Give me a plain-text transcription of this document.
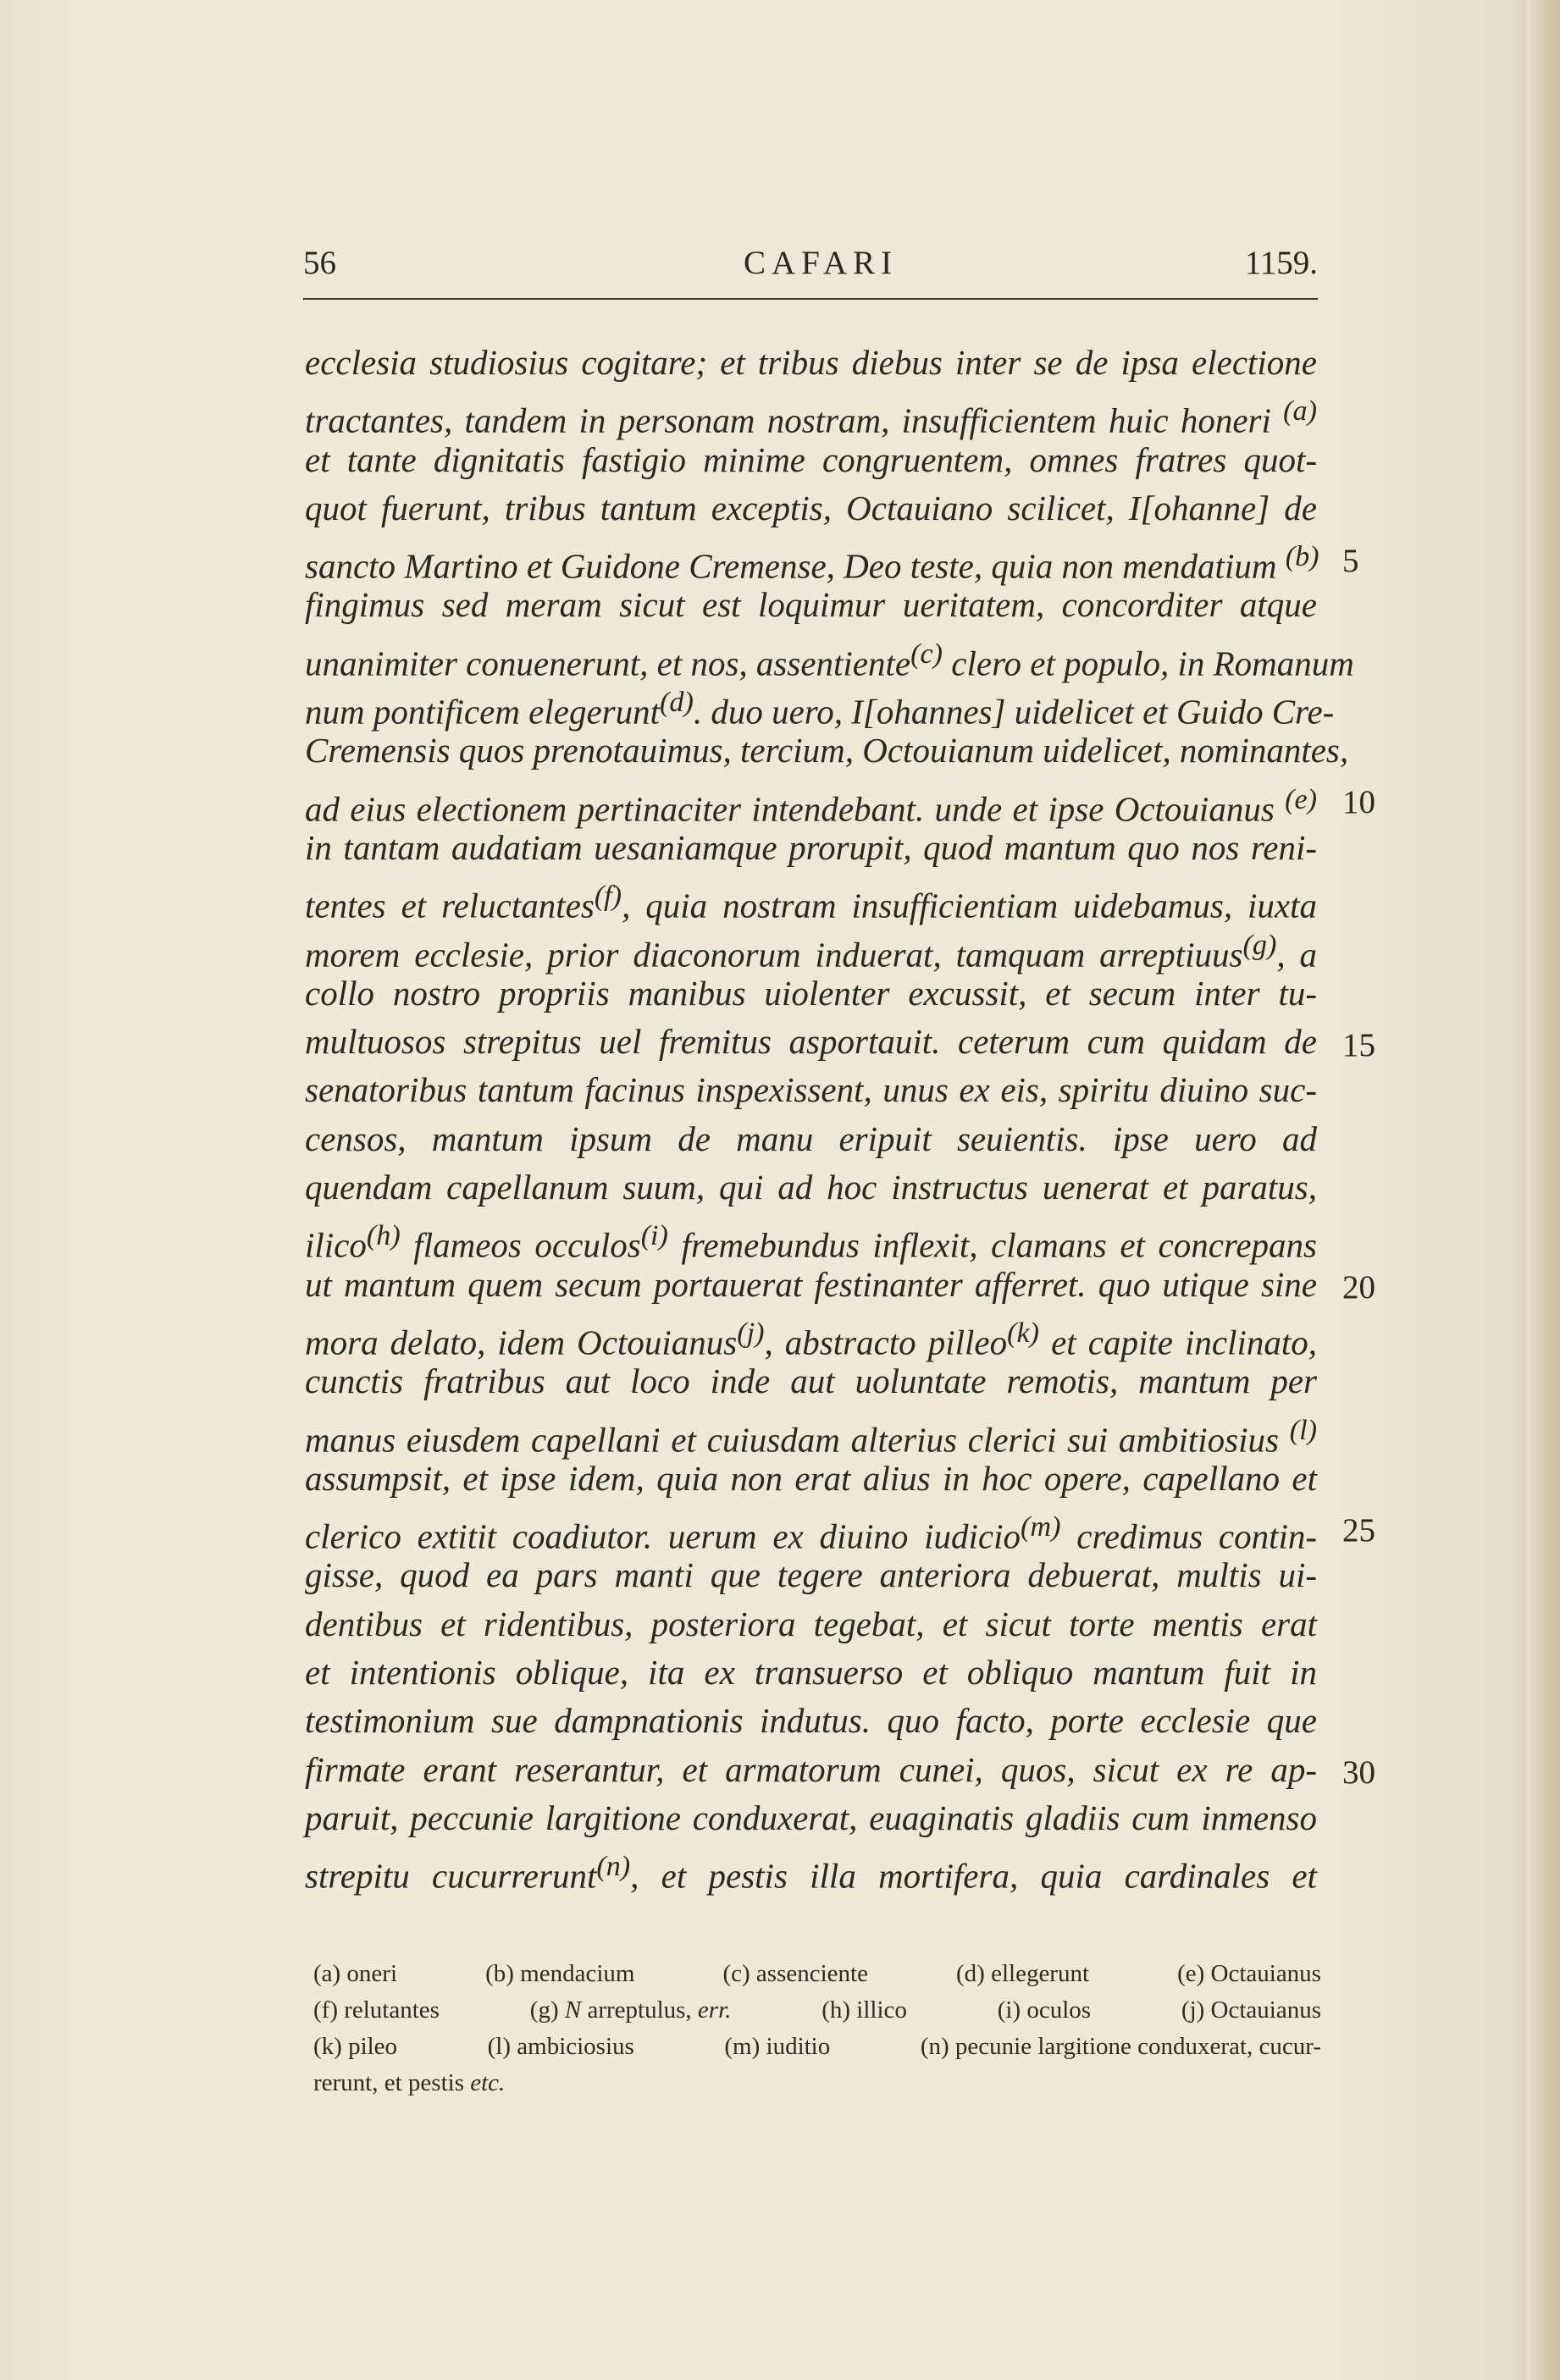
56	CAFARI	1159.
ecclesia studiosius cogitare; et tribus diebus inter se de ipsa electione
tractantes, tandem in personam nostram, insufficientem huic honeri $^{(a)}$
et tante dignitatis fastigio minime congruentem, omnes fratres quot-
quot fuerunt, tribus tantum exceptis, Octauiano scilicet, I[ohanne] de
sancto Martino et Guidone Cremense, Deo teste, quia non mendatium $^{(b)}$
fingimus sed meram sicut est loquimur ueritatem, concorditer atque
unanimiter conuenerunt, et nos, assentiente$^{(c)}$ clero et populo, in Romanum
num pontificem elegerunt$^{(d)}$. duo uero, I[ohannes] uidelicet et Guido Cre-
Cremensis quos prenotauimus, tercium, Octouianum uidelicet, nominantes,
ad eius electionem pertinaciter intendebant. unde et ipse Octouianus $^{(e)}$
in tantam audatiam uesaniamque prorupit, quod mantum quo nos reni-
tentes et reluctantes$^{(f)}$, quia nostram insufficientiam uidebamus, iuxta
morem ecclesie, prior diaconorum induerat, tamquam arreptiuus$^{(g)}$, a
collo nostro propriis manibus uiolenter excussit, et secum inter tu-
multuosos strepitus uel fremitus asportauit. ceterum cum quidam de
senatoribus tantum facinus inspexissent, unus ex eis, spiritu diuino suc-
censos, mantum ipsum de manu eripuit seuientis. ipse uero ad
quendam capellanum suum, qui ad hoc instructus uenerat et paratus,
ilico$^{(h)}$ flameos occulos$^{(i)}$ fremebundus inflexit, clamans et concrepans
ut mantum quem secum portauerat festinanter afferret. quo utique sine
mora delato, idem Octouianus$^{(j)}$, abstracto pilleo$^{(k)}$ et capite inclinato,
cunctis fratribus aut loco inde aut uoluntate remotis, mantum per
manus eiusdem capellani et cuiusdam alterius clerici sui ambitiosius $^{(l)}$
assumpsit, et ipse idem, quia non erat alius in hoc opere, capellano et
clerico extitit coadiutor. uerum ex diuino iudicio$^{(m)}$ credimus contin-
gisse, quod ea pars manti que tegere anteriora debuerat, multis ui-
dentibus et ridentibus, posteriora tegebat, et sicut torte mentis erat
et intentionis oblique, ita ex transuerso et obliquo mantum fuit in
testimonium sue dampnationis indutus. quo facto, porte ecclesie que
firmate erant reserantur, et armatorum cunei, quos, sicut ex re ap-
paruit, peccunie largitione conduxerat, euaginatis gladiis cum inmenso
strepitu cucurrerunt$^{(n)}$, et pestis illa mortifera, quia cardinales et
5
10
15
20
25
30
(a) oneri	(b) mendacium	(c) assenciente	(d) ellegerunt	(e) Octauianus
(f) relutantes	(g) N arreptulus, err.	(h) illico	(i) oculos	(j) Octauianus
(k) pileo	(l) ambiciosius	(m) iuditio	(n) pecunie largitione conduxerat, cucur-
rerunt, et pestis etc.
